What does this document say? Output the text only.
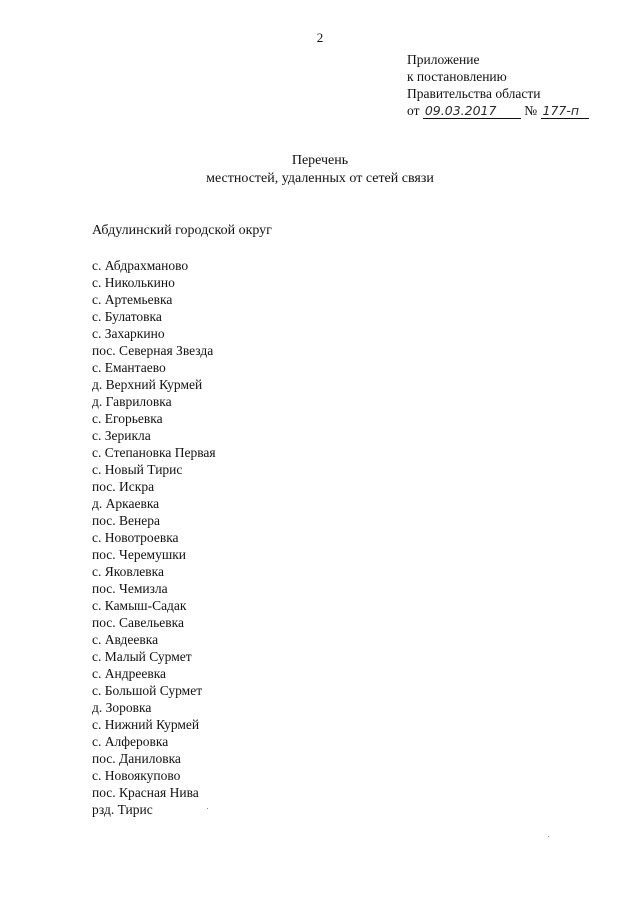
2
Приложение
к постановлению
Правительства области
от 09.03.2017 № 177-п
Перечень
местностей, удаленных от сетей связи
Абдулинский городской округ
с. Абдрахманово
с. Николькино
с. Артемьевка
с. Булатовка
с. Захаркино
пос. Северная Звезда
с. Емантаево
д. Верхний Курмей
д. Гавриловка
с. Егорьевка
с. Зерикла
с. Степановка Первая
с. Новый Тирис
пос. Искра
д. Аркаевка
пос. Венера
с. Новотроевка
пос. Черемушки
с. Яковлевка
пос. Чемизла
с. Камыш-Садак
пос. Савельевка
с. Авдеевка
с. Малый Сурмет
с. Андреевка
с. Большой Сурмет
д. Зоровка
с. Нижний Курмей
с. Алферовка
пос. Даниловка
с. Новоякупово
пос. Красная Нива
рзд. Тирис
